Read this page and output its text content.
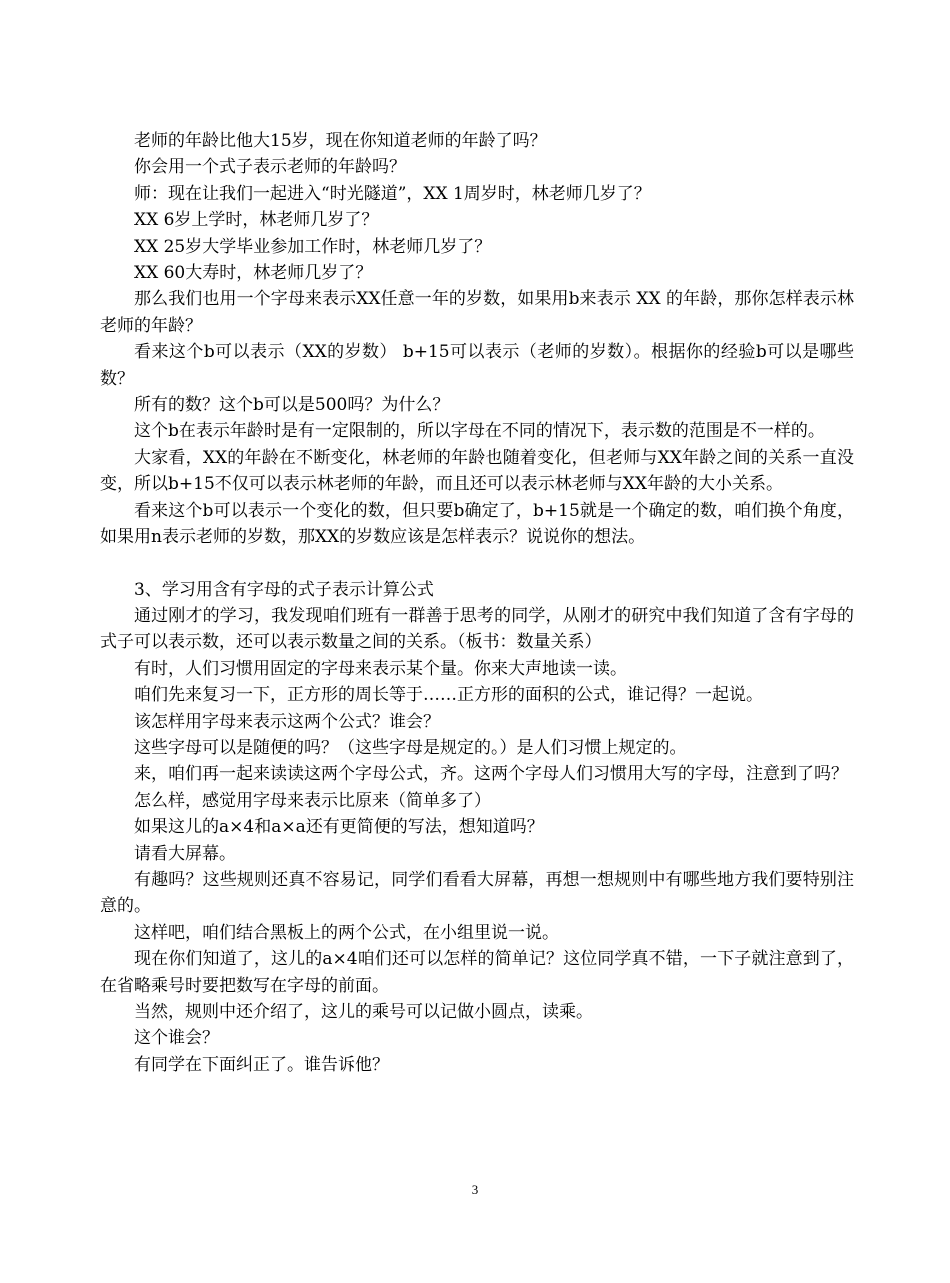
老师的年龄比他大15岁，现在你知道老师的年龄了吗？

你会用一个式子表示老师的年龄吗？

师：现在让我们一起进入“时光隧道”，XX 1周岁时，林老师几岁了？

XX 6岁上学时，林老师几岁了？

XX 25岁大学毕业参加工作时，林老师几岁了？

XX 60大寿时，林老师几岁了？

那么我们也用一个字母来表示XX任意一年的岁数，如果用b来表示 XX 的年龄，那你怎样表示林老师的年龄？

看来这个b可以表示（XX的岁数） b+15可以表示（老师的岁数）。根据你的经验b可以是哪些数？

所有的数？这个b可以是500吗？为什么？

这个b在表示年龄时是有一定限制的，所以字母在不同的情况下，表示数的范围是不一样的。

大家看，XX的年龄在不断变化，林老师的年龄也随着变化，但老师与XX年龄之间的关系一直没变，所以b+15不仅可以表示林老师的年龄，而且还可以表示林老师与XX年龄的大小关系。

看来这个b可以表示一个变化的数，但只要b确定了，b+15就是一个确定的数，咱们换个角度，如果用n表示老师的岁数，那XX的岁数应该是怎样表示？说说你的想法。

3、学习用含有字母的式子表示计算公式

通过刚才的学习，我发现咱们班有一群善于思考的同学，从刚才的研究中我们知道了含有字母的式子可以表示数，还可以表示数量之间的关系。（板书：数量关系）

有时，人们习惯用固定的字母来表示某个量。你来大声地读一读。

咱们先来复习一下，正方形的周长等于……正方形的面积的公式，谁记得？一起说。

该怎样用字母来表示这两个公式？谁会？

这些字母可以是随便的吗？（这些字母是规定的。）是人们习惯上规定的。

来，咱们再一起来读读这两个字母公式，齐。这两个字母人们习惯用大写的字母，注意到了吗？

怎么样，感觉用字母来表示比原来（简单多了）

如果这儿的a×4和a×a还有更简便的写法，想知道吗？

请看大屏幕。

有趣吗？这些规则还真不容易记，同学们看看大屏幕，再想一想规则中有哪些地方我们要特别注意的。

这样吧，咱们结合黑板上的两个公式，在小组里说一说。

现在你们知道了，这儿的a×4咱们还可以怎样的简单记？这位同学真不错，一下子就注意到了，在省略乘号时要把数写在字母的前面。

当然，规则中还介绍了，这儿的乘号可以记做小圆点，读乘。

这个谁会？

有同学在下面纠正了。谁告诉他？

3
